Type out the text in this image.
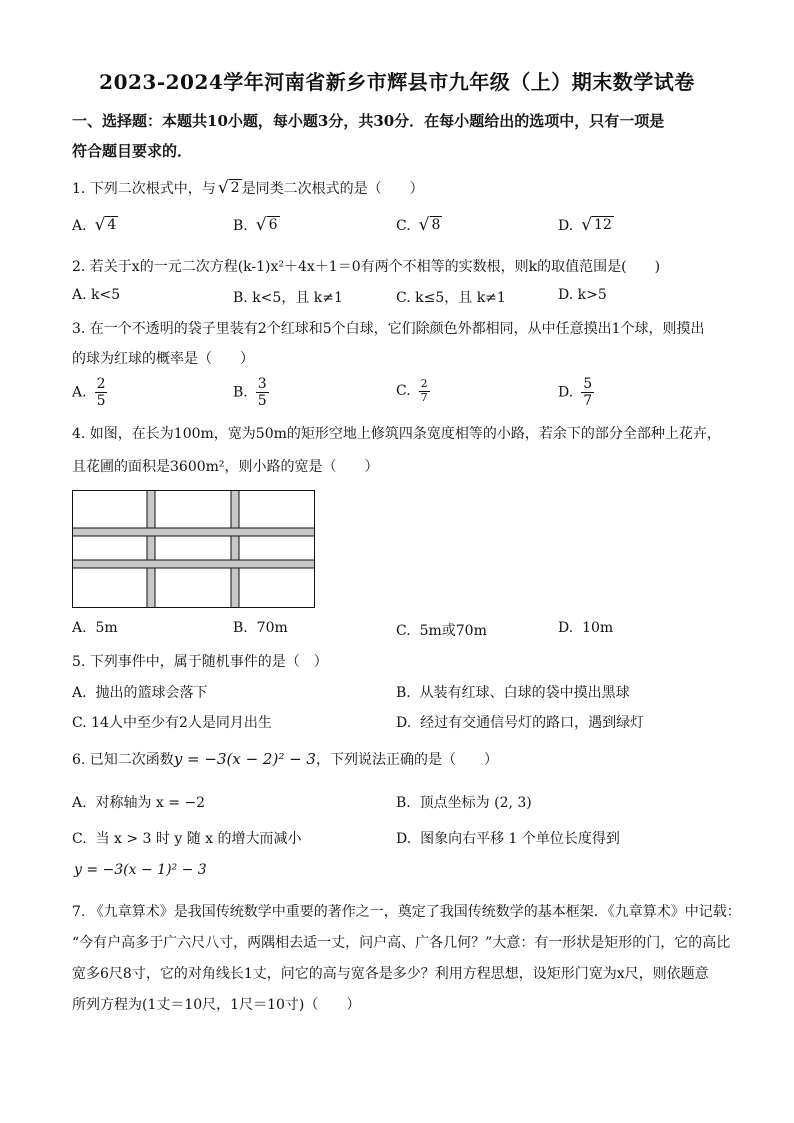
2023-2024学年河南省新乡市辉县市九年级（上）期末数学试卷
一、选择题：本题共10小题，每小题3分，共30分．在每小题给出的选项中，只有一项是
符合题目要求的．
1. 下列二次根式中，与 √ 2 是同类二次根式的是（　　）
A. √ 4	B. √ 6	C. √ 8	D. √ 12
2. 若关于x的一元二次方程(k-1)x²＋4x＋1＝0有两个不相等的实数根，则k的取值范围是(　　)
A. k<5	B. k<5，且 k≠1	C. k≤5，且 k≠1	D. k>5
3. 在一个不透明的袋子里装有2个红球和5个白球，它们除颜色外都相同，从中任意摸出1个球，则摸出
的球为红球的概率是（　　）
A. $\frac{2}{5}$	B. $\frac{3}{5}$	C. $\frac{2}{7}$	D. $\frac{5}{7}$
4. 如图，在长为100m，宽为50m的矩形空地上修筑四条宽度相等的小路，若余下的部分全部种上花卉，
且花圃的面积是3600m²，则小路的宽是（　　）
A. 5m	B. 70m	C. 5m或70m	D. 10m
5. 下列事件中，属于随机事件的是（　）
A. 抛出的篮球会落下	B. 从装有红球、白球的袋中摸出黑球
C. 14人中至少有2人是同月出生	D. 经过有交通信号灯的路口，遇到绿灯
6. 已知二次函数y = −3(x − 2)² − 3，下列说法正确的是（　　）
A. 对称轴为 x = −2	B. 顶点坐标为 (2, 3)
C. 当 x > 3 时 y 随 x 的增大而减小	D. 图象向右平移 1 个单位长度得到
y = −3(x − 1)² − 3
7. 《九章算术》是我国传统数学中重要的著作之一，奠定了我国传统数学的基本框架．《九章算术》中记载：
“今有户高多于广六尺八寸，两隅相去适一丈，问户高、广各几何？”大意：有一形状是矩形的门，它的高比
宽多6尺8寸，它的对角线长1丈，问它的高与宽各是多少？利用方程思想，设矩形门宽为x尺，则依题意
所列方程为(1丈＝10尺，1尺＝10寸)（　　）
